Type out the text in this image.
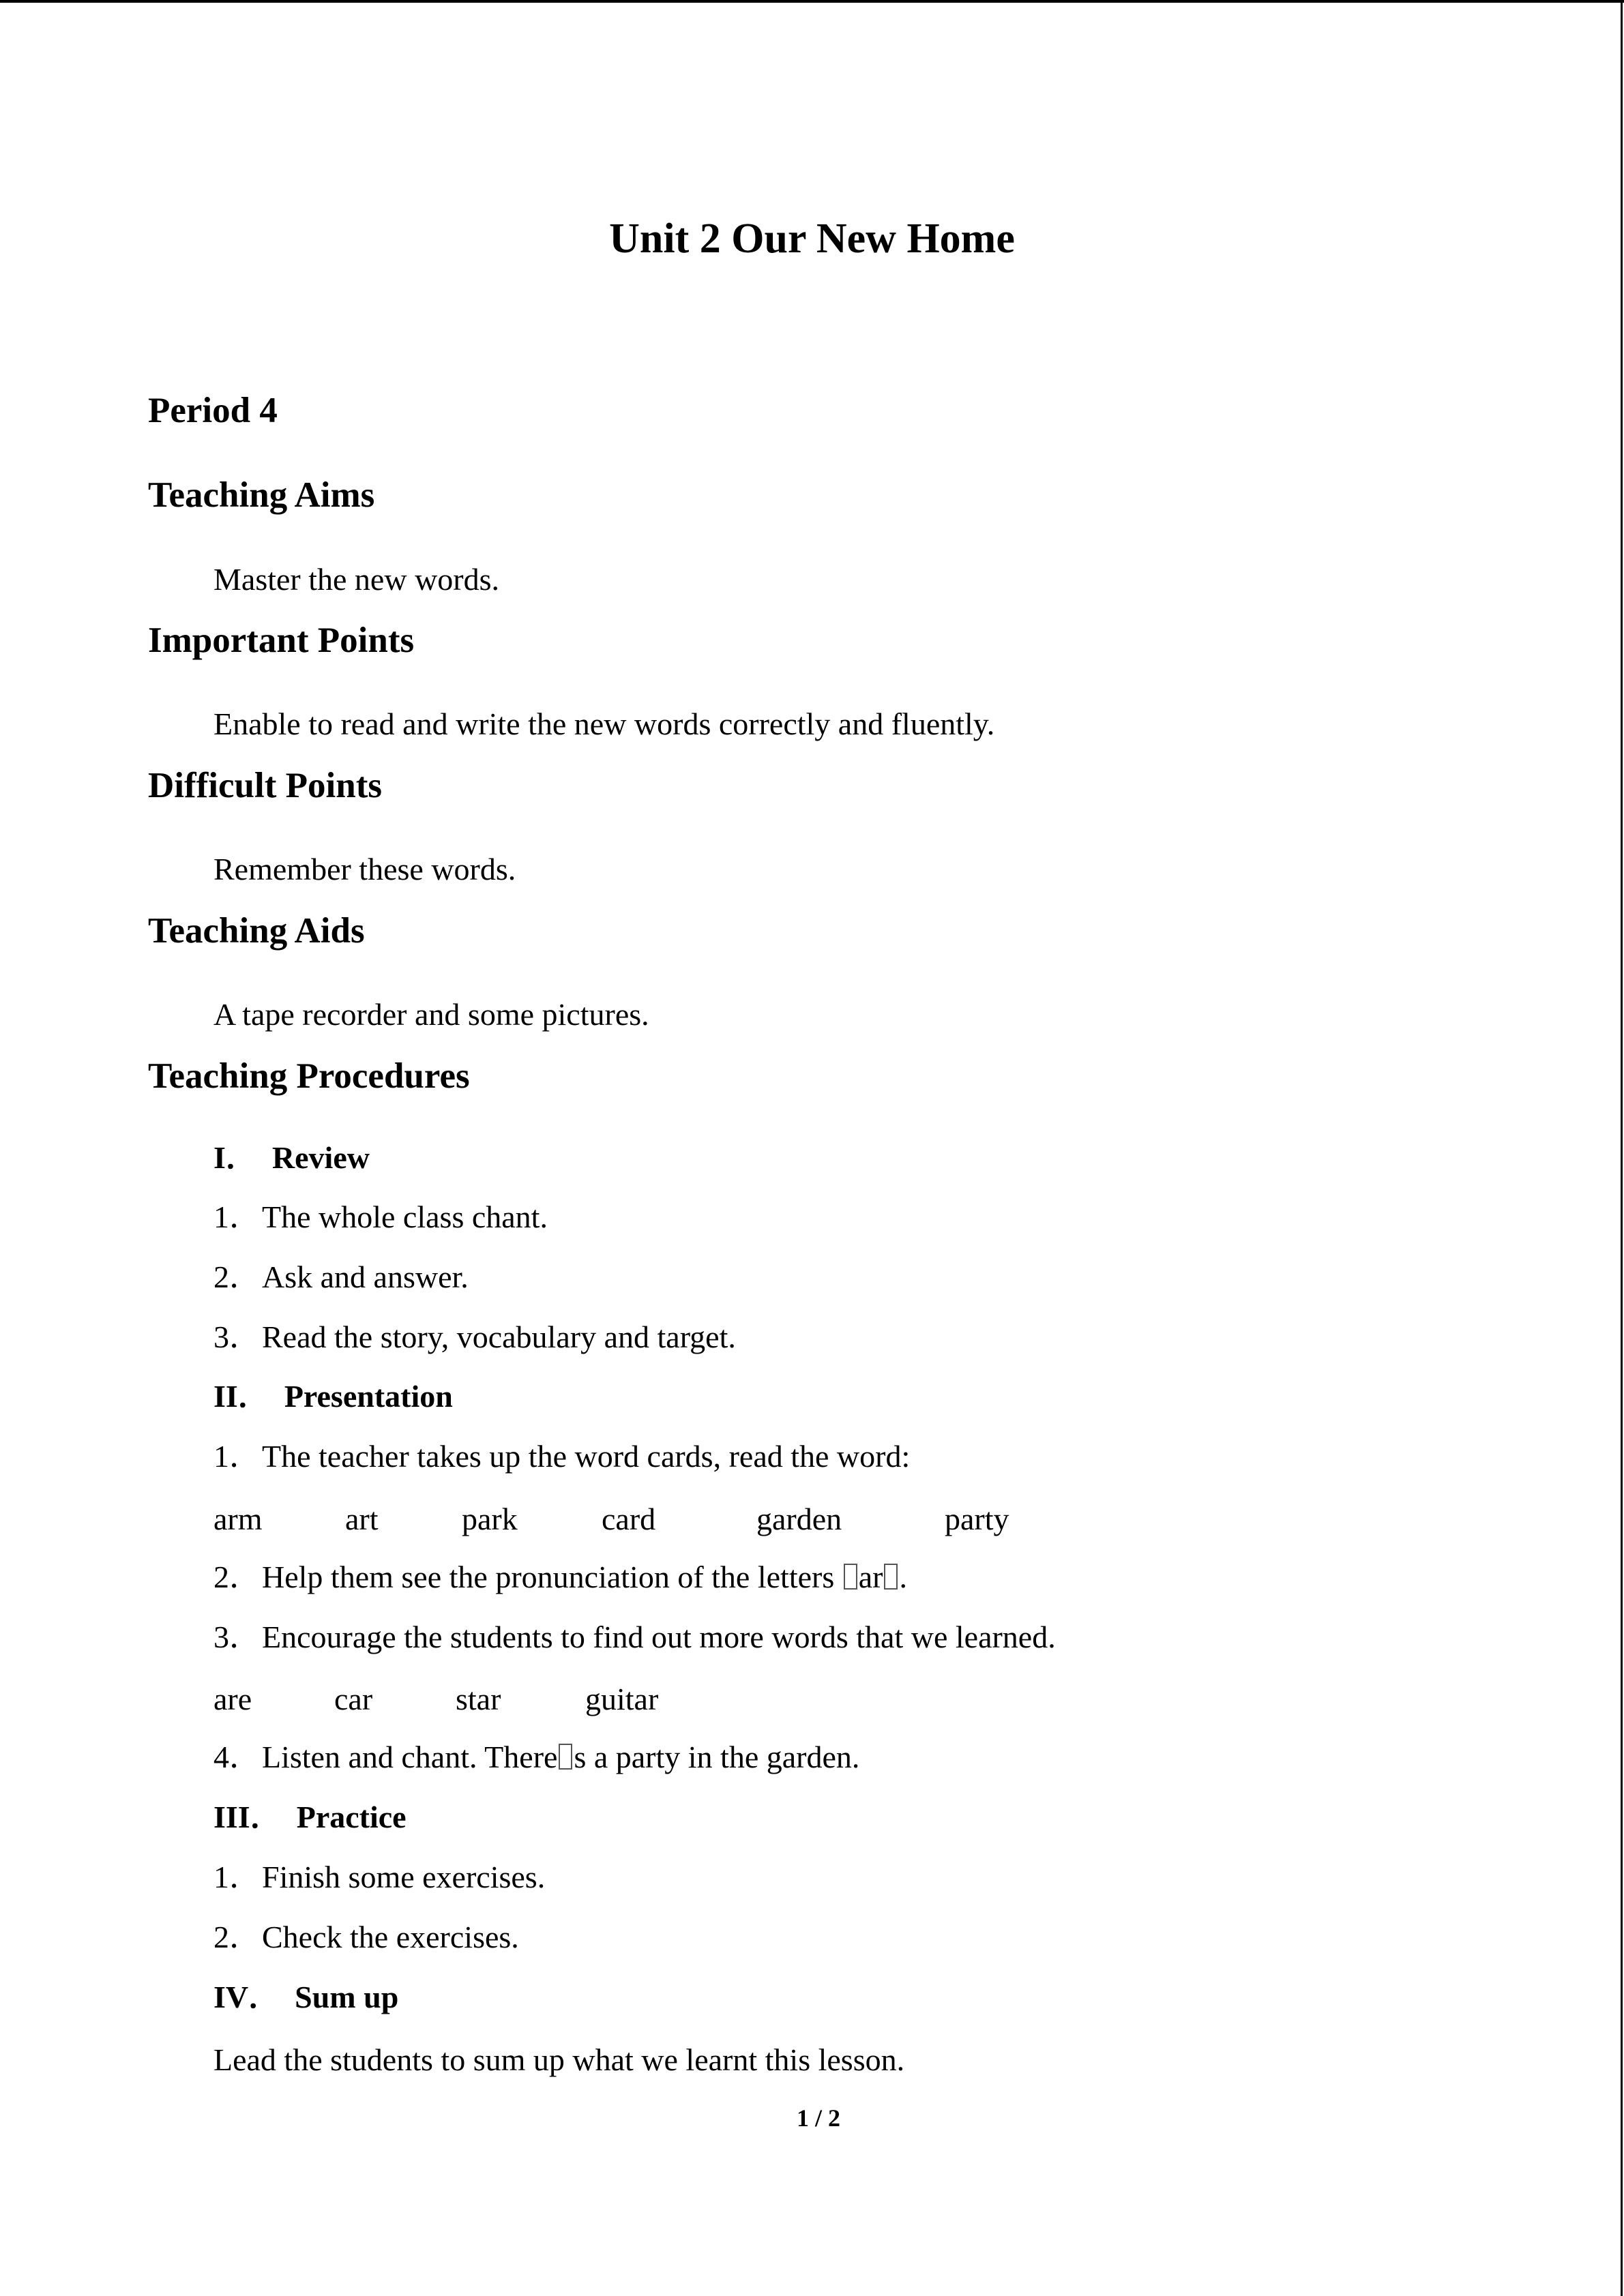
Unit 2 Our New Home
Period 4
Teaching Aims
Master the new words.
Important Points
Enable to read and write the new words correctly and fluently.
Difficult Points
Remember these words.
Teaching Aids
A tape recorder and some pictures.
Teaching Procedures
I． Review
1．The whole class chant.
2．Ask and answer.
3．Read the story, vocabulary and target.
II． Presentation
1．The teacher takes up the word cards, read the word:
arm	art	park	card	garden	party
2．Help them see the pronunciation of the letters ar .
3．Encourage the students to find out more words that we learned.
are	car	star	guitar
4．Listen and chant. There s a party in the garden.
III． Practice
1．Finish some exercises.
2．Check the exercises.
IV． Sum up
Lead the students to sum up what we learnt this lesson.
1 / 2
